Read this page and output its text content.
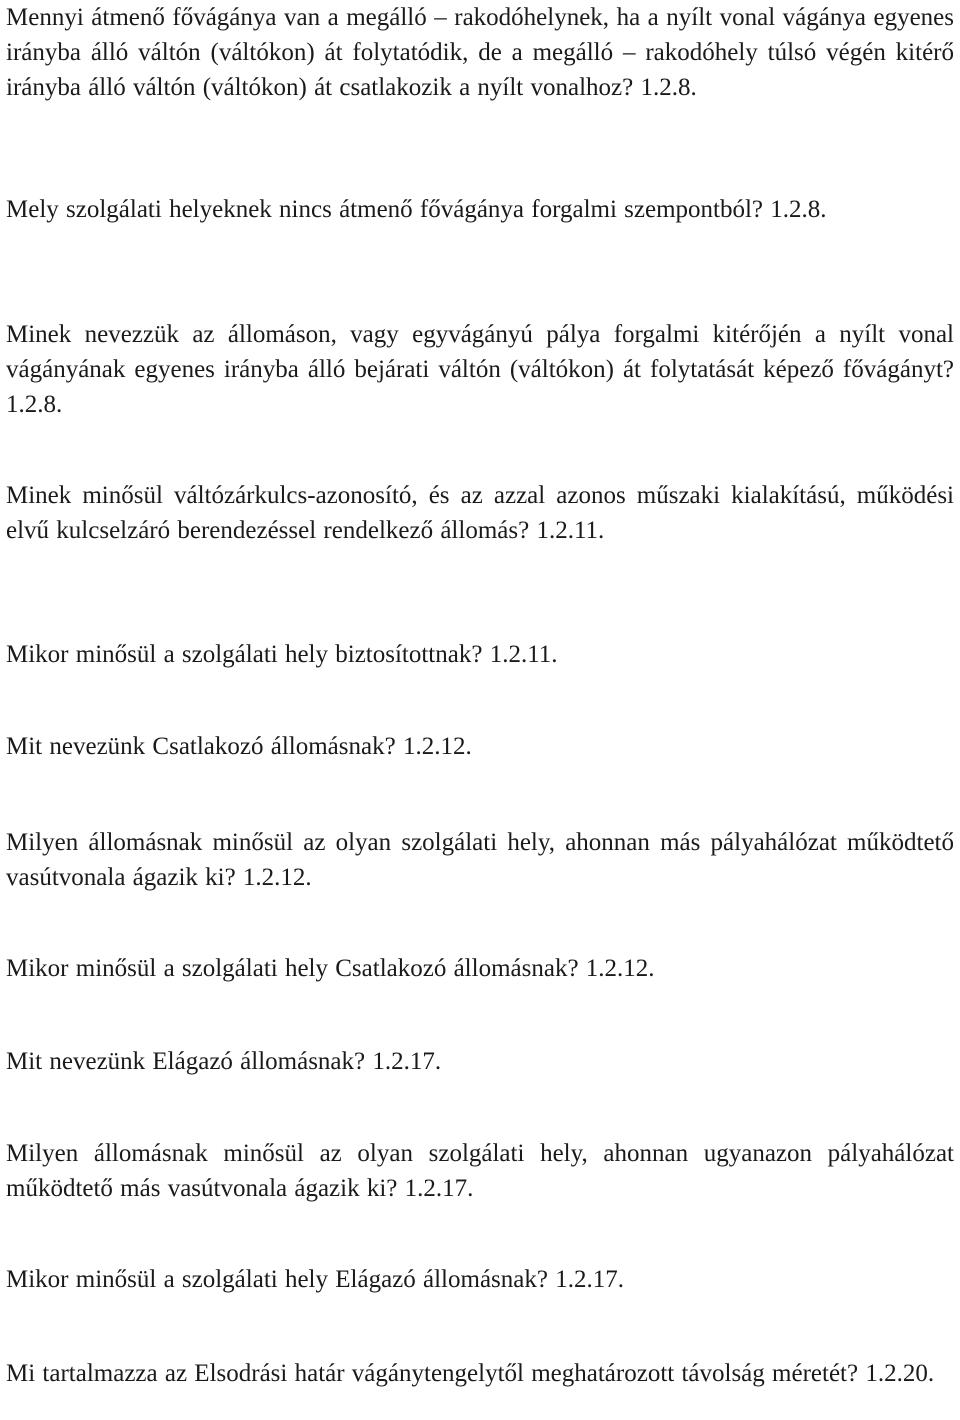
Mennyi átmenő fővágánya van a megálló – rakodóhelynek, ha a nyílt vonal vágánya egyenes irányba álló váltón (váltókon) át folytatódik, de a megálló – rakodóhely túlsó végén kitérő irányba álló váltón (váltókon) át csatlakozik a nyílt vonalhoz? 1.2.8.

Mely szolgálati helyeknek nincs átmenő fővágánya forgalmi szempontból? 1.2.8.

Minek nevezzük az állomáson, vagy egyvágányú pálya forgalmi kitérőjén a nyílt vonal vágányának egyenes irányba álló bejárati váltón (váltókon) át folytatását képező fővágányt? 1.2.8.

Minek minősül váltózárkulcs-azonosító, és az azzal azonos műszaki kialakítású, működési elvű kulcselzáró berendezéssel rendelkező állomás? 1.2.11.

Mikor minősül a szolgálati hely biztosítottnak? 1.2.11.

Mit nevezünk Csatlakozó állomásnak? 1.2.12.

Milyen állomásnak minősül az olyan szolgálati hely, ahonnan más pályahálózat működtető vasútvonala ágazik ki? 1.2.12.

Mikor minősül a szolgálati hely Csatlakozó állomásnak? 1.2.12.

Mit nevezünk Elágazó állomásnak? 1.2.17.

Milyen állomásnak minősül az olyan szolgálati hely, ahonnan ugyanazon pályahálózat működtető más vasútvonala ágazik ki? 1.2.17.

Mikor minősül a szolgálati hely Elágazó állomásnak? 1.2.17.

Mi tartalmazza az Elsodrási határ vágánytengelytől meghatározott távolság méretét? 1.2.20.
